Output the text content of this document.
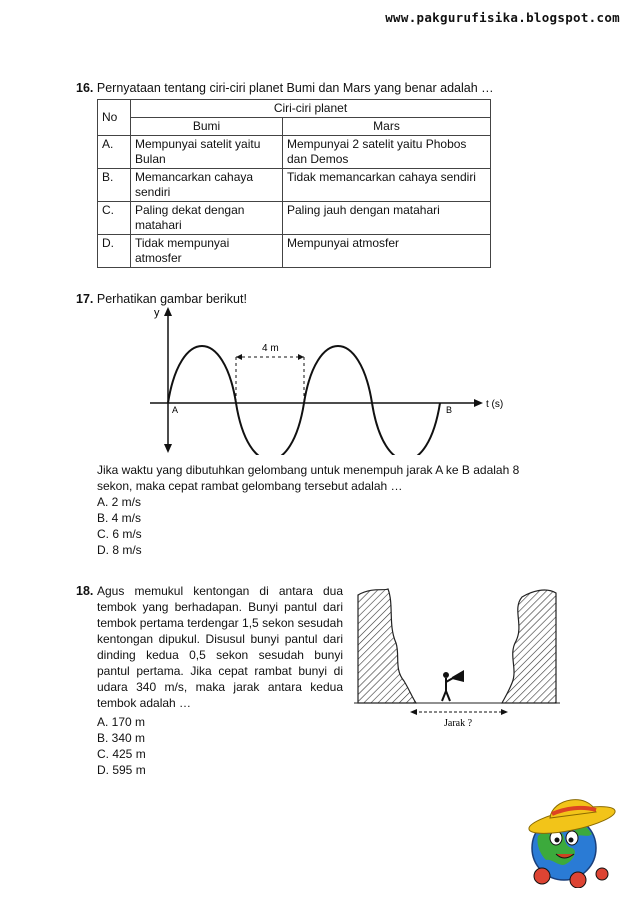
www.pakgurufisika.blogspot.com
16. Pernyataan tentang ciri-ciri planet Bumi dan Mars yang benar adalah …
No	Ciri-ciri planet	
	Bumi	Mars
A.	Mempunyai satelit yaitu Bulan	Mempunyai 2 satelit yaitu Phobos dan Demos
B.	Memancarkan cahaya sendiri	Tidak memancarkan cahaya sendiri
C.	Paling dekat dengan matahari	Paling jauh dengan matahari
D.	Tidak mempunyai atmosfer	Mempunyai atmosfer
17. Perhatikan gambar berikut!
y
t (s)
4 m
A	B
Jika waktu yang dibutuhkan gelombang untuk menempuh jarak A ke B adalah 8
sekon, maka cepat rambat gelombang tersebut adalah …
A. 2 m/s
B. 4 m/s
C. 6 m/s
D. 8 m/s
18. Agus memukul kentongan di antara dua tembok yang berhadapan. Bunyi pantul dari tembok pertama terdengar 1,5 sekon sesudah kentongan dipukul. Disusul bunyi pantul dari dinding kedua 0,5 sekon sesudah bunyi pantul pertama. Jika cepat rambat bunyi di udara 340 m/s, maka jarak antara kedua tembok adalah …
A. 170 m
B. 340 m
C. 425 m
D. 595 m
Jarak ?
